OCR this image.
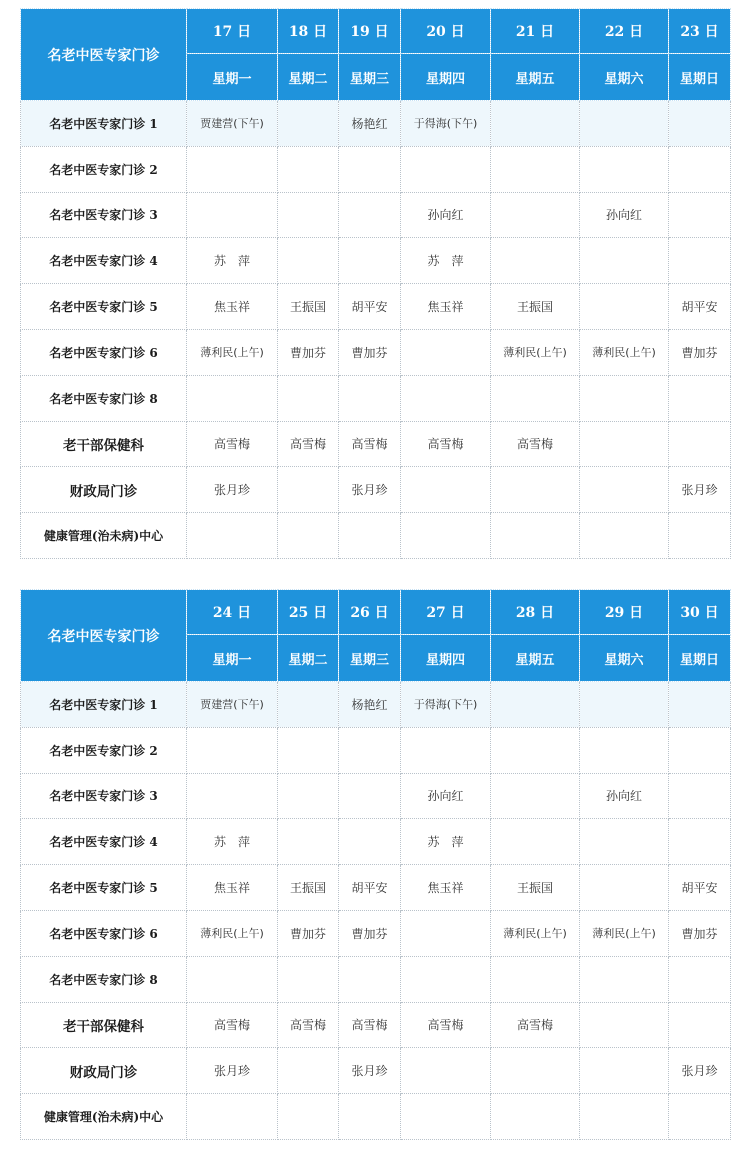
名老中医专家门诊	17 日	18 日	19 日	20 日	21 日	22 日	23 日
	星期一	星期二	星期三	星期四	星期五	星期六	星期日
名老中医专家门诊 1	贾建营(下午)		杨艳红	于得海(下午)			
名老中医专家门诊 2							
名老中医专家门诊 3				孙向红		孙向红	
名老中医专家门诊 4	苏　萍			苏　萍			
名老中医专家门诊 5	焦玉祥	王振国	胡平安	焦玉祥	王振国		胡平安
名老中医专家门诊 6	薄利民(上午)	曹加芬	曹加芬		薄利民(上午)	薄利民(上午)	曹加芬
名老中医专家门诊 8							
老干部保健科	高雪梅	高雪梅	高雪梅	高雪梅	高雪梅		
财政局门诊	张月珍		张月珍				张月珍
健康管理(治未病)中心							
名老中医专家门诊	24 日	25 日	26 日	27 日	28 日	29 日	30 日
	星期一	星期二	星期三	星期四	星期五	星期六	星期日
名老中医专家门诊 1	贾建营(下午)		杨艳红	于得海(下午)			
名老中医专家门诊 2							
名老中医专家门诊 3				孙向红		孙向红	
名老中医专家门诊 4	苏　萍			苏　萍			
名老中医专家门诊 5	焦玉祥	王振国	胡平安	焦玉祥	王振国		胡平安
名老中医专家门诊 6	薄利民(上午)	曹加芬	曹加芬		薄利民(上午)	薄利民(上午)	曹加芬
名老中医专家门诊 8							
老干部保健科	高雪梅	高雪梅	高雪梅	高雪梅	高雪梅		
财政局门诊	张月珍		张月珍				张月珍
健康管理(治未病)中心							
